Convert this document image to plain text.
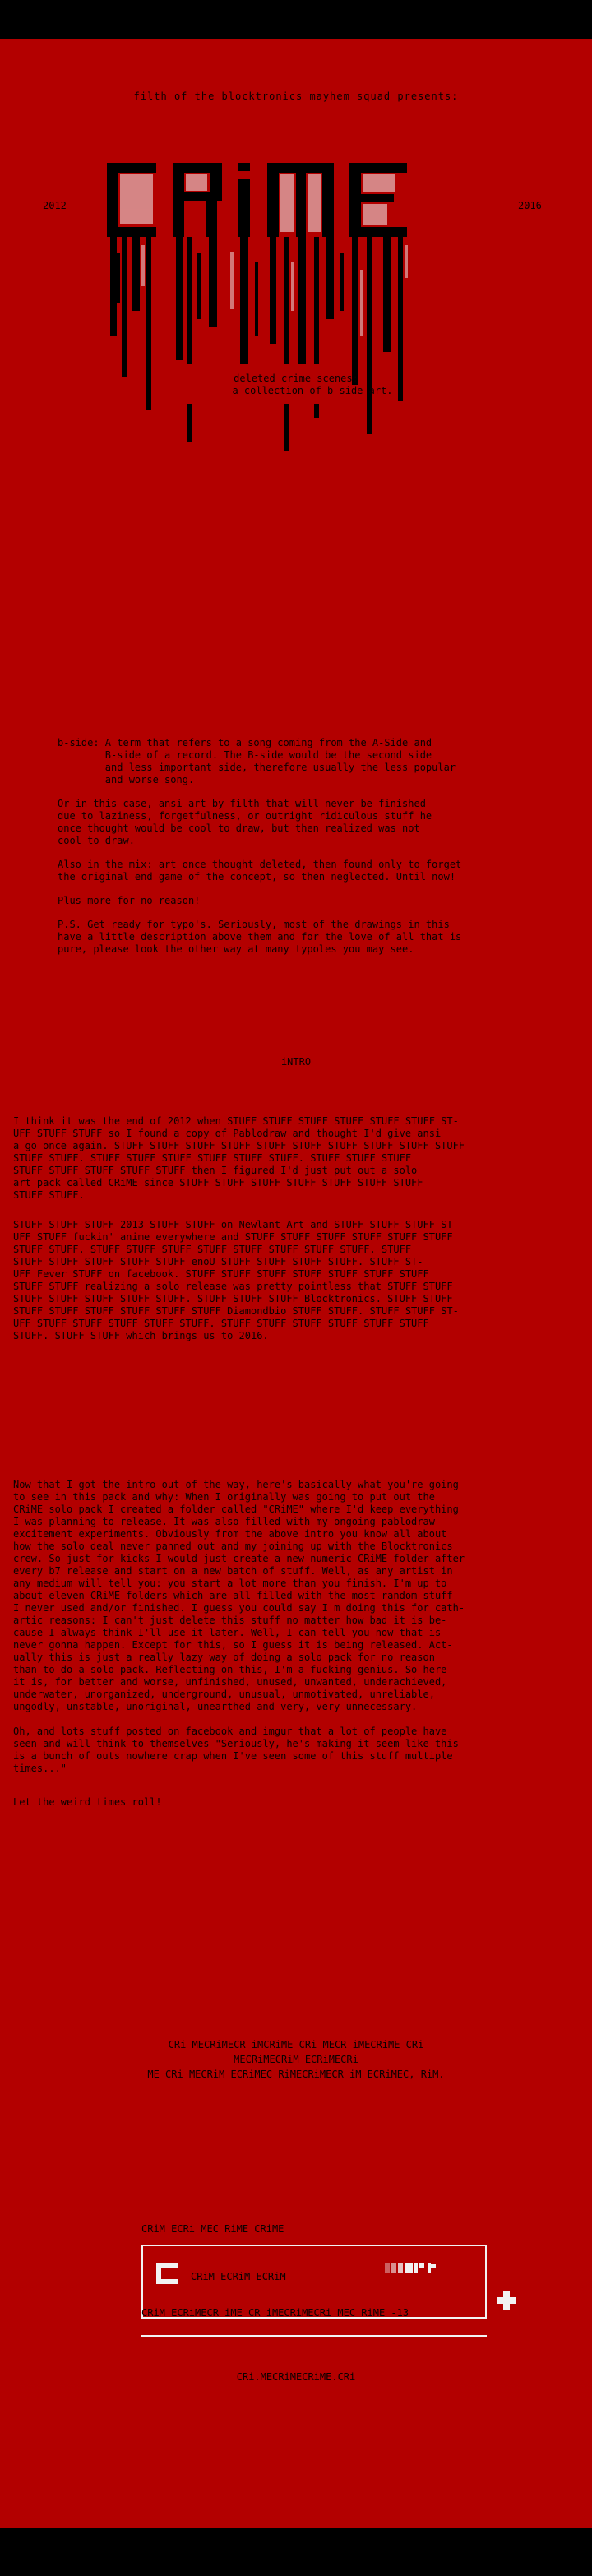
filth of the blocktronics mayhem squad presents:
2012	2016
deleted crime scenes:
a collection of b-side art.

b-side: A term that refers to a song coming from the A-Side and
B-side of a record. The B-side would be the second side
and less important side, therefore usually the less popular
and worse song.

Or in this case, ansi art by filth that will never be finished
due to laziness, forgetfulness, or outright ridiculous stuff he
once thought would be cool to draw, but then realized was not
cool to draw.

Also in the mix: art once thought deleted, then found only to forget
the original end game of the concept, so then neglected. Until now!

Plus more for no reason!

P.S. Get ready for typo's. Seriously, most of the drawings in this
have a little description above them and for the love of all that is
pure, please look the other way at many typoles you may see.

iNTRO
I think it was the end of 2012 when STUFF STUFF STUFF STUFF STUFF STUFF ST-
UFF STUFF STUFF so I found a copy of Pablodraw and thought I'd give ansi
a go once again. STUFF STUFF STUFF STUFF STUFF STUFF STUFF STUFF STUFF STUFF
STUFF STUFF. STUFF STUFF STUFF STUFF STUFF STUFF. STUFF STUFF STUFF
STUFF STUFF STUFF STUFF STUFF then I figured I'd just put out a solo
art pack called CRiME since STUFF STUFF STUFF STUFF STUFF STUFF STUFF
STUFF STUFF.
STUFF STUFF STUFF 2013 STUFF STUFF on Newlant Art and STUFF STUFF STUFF ST-
UFF STUFF fuckin' anime everywhere and STUFF STUFF STUFF STUFF STUFF STUFF
STUFF STUFF. STUFF STUFF STUFF STUFF STUFF STUFF STUFF STUFF. STUFF
STUFF STUFF STUFF STUFF STUFF enoU STUFF STUFF STUFF STUFF. STUFF ST-
UFF Fever STUFF on facebook. STUFF STUFF STUFF STUFF STUFF STUFF STUFF
STUFF STUFF realizing a solo release was pretty pointless that STUFF STUFF
STUFF STUFF STUFF STUFF STUFF. STUFF STUFF STUFF Blocktronics. STUFF STUFF
STUFF STUFF STUFF STUFF STUFF STUFF Diamondbio STUFF STUFF. STUFF STUFF ST-
UFF STUFF STUFF STUFF STUFF STUFF. STUFF STUFF STUFF STUFF STUFF STUFF
STUFF. STUFF STUFF which brings us to 2016.
Now that I got the intro out of the way, here's basically what you're going
to see in this pack and why: When I originally was going to put out the
CRiME solo pack I created a folder called "CRiME" where I'd keep everything
I was planning to release. It was also filled with my ongoing pablodraw
excitement experiments. Obviously from the above intro you know all about
how the solo deal never panned out and my joining up with the Blocktronics
crew. So just for kicks I would just create a new numeric CRiME folder after
every b7 release and start on a new batch of stuff. Well, as any artist in
any medium will tell you: you start a lot more than you finish. I'm up to
about eleven CRiME folders which are all filled with the most random stuff
I never used and/or finished. I guess you could say I'm doing this for cath-
artic reasons: I can't just delete this stuff no matter how bad it is be-
cause I always think I'll use it later. Well, I can tell you now that is
never gonna happen. Except for this, so I guess it is being released. Act-
ually this is just a really lazy way of doing a solo pack for no reason
than to do a solo pack. Reflecting on this, I'm a fucking genius. So here
it is, for better and worse, unfinished, unused, unwanted, underachieved,
underwater, unorganized, underground, unusual, unmotivated, unreliable,
ungodly, unstable, unoriginal, unearthed and very, very unnecessary.
Oh, and lots stuff posted on facebook and imgur that a lot of people have
seen and will think to themselves "Seriously, he's making it seem like this
is a bunch of outs nowhere crap when I've seen some of this stuff multiple
times..."
Let the weird times roll!
CRi MECRiMECR iMCRiME CRi MECR iMECRiME CRi
MECRiMECRiM ECRiMECRi
ME CRi MECRiM ECRiMEC RiMECRiMECR iM ECRiMEC, RiM.
CRiM ECRi MEC RiME CRiME
CRiM ECRiM ECRiM
CRiM ECRiMECR iME CR iMECRiMECRi MEC RiME -13
CRi.MECRiMECRiME.CRi
